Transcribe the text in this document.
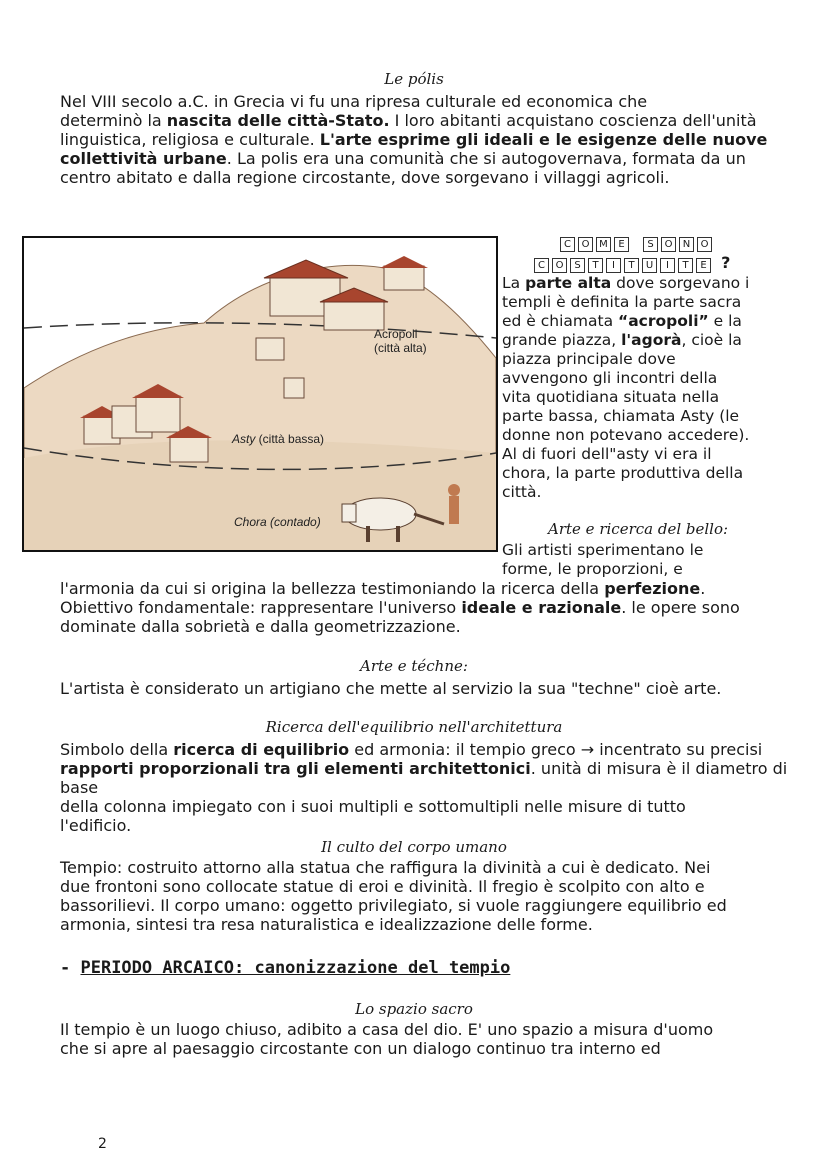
Le pólis
Nel VIII secolo a.C. in Grecia vi fu una ripresa culturale ed economica che
determinò la nascita delle città-Stato. I loro abitanti acquistano coscienza dell'unità
linguistica, religiosa e culturale. L'arte esprime gli ideali e le esigenze delle nuove
collettività urbane. La polis era una comunità che si autogovernava, formata da un
centro abitato e dalla regione circostante, dove sorgevano i villaggi agricoli.
Acropoli
(città alta)
Asty (città bassa)
Chora (contado)
C O M E S O N O
C O S T I T U I T E ?
La parte alta dove sorgevano i
templi è definita la parte sacra
ed è chiamata “acropoli” e la
grande piazza, l'agorà, cioè la
piazza principale dove
avvengono gli incontri della
vita quotidiana situata nella
parte bassa, chiamata Asty (le
donne non potevano accedere).
Al di fuori dell"asty vi era il
chora, la parte produttiva della
città.
Arte e ricerca del bello:
Gli artisti sperimentano le
forme, le proporzioni, e
l'armonia da cui si origina la bellezza testimoniando la ricerca della perfezione.
Obiettivo fondamentale: rappresentare l'universo ideale e razionale. le opere sono
dominate dalla sobrietà e dalla geometrizzazione.
Arte e téchne:
L'artista è considerato un artigiano che mette al servizio la sua "techne" cioè arte.
Ricerca dell'equilibrio nell'architettura
Simbolo della ricerca di equilibrio ed armonia: il tempio greco → incentrato su precisi
rapporti proporzionali tra gli elementi architettonici. unità di misura è il diametro di base
della colonna impiegato con i suoi multipli e sottomultipli nelle misure di tutto
l'edificio.
Il culto del corpo umano
Tempio: costruito attorno alla statua che raffigura la divinità a cui è dedicato. Nei
due frontoni sono collocate statue di eroi e divinità. Il fregio è scolpito con alto e
bassorilievi. Il corpo umano: oggetto privilegiato, si vuole raggiungere equilibrio ed
armonia, sintesi tra resa naturalistica e idealizzazione delle forme.
- PERIODO ARCAICO: canonizzazione del tempio
Lo spazio sacro
Il tempio è un luogo chiuso, adibito a casa del dio. E' uno spazio a misura d'uomo
che si apre al paesaggio circostante con un dialogo continuo tra interno ed
2
